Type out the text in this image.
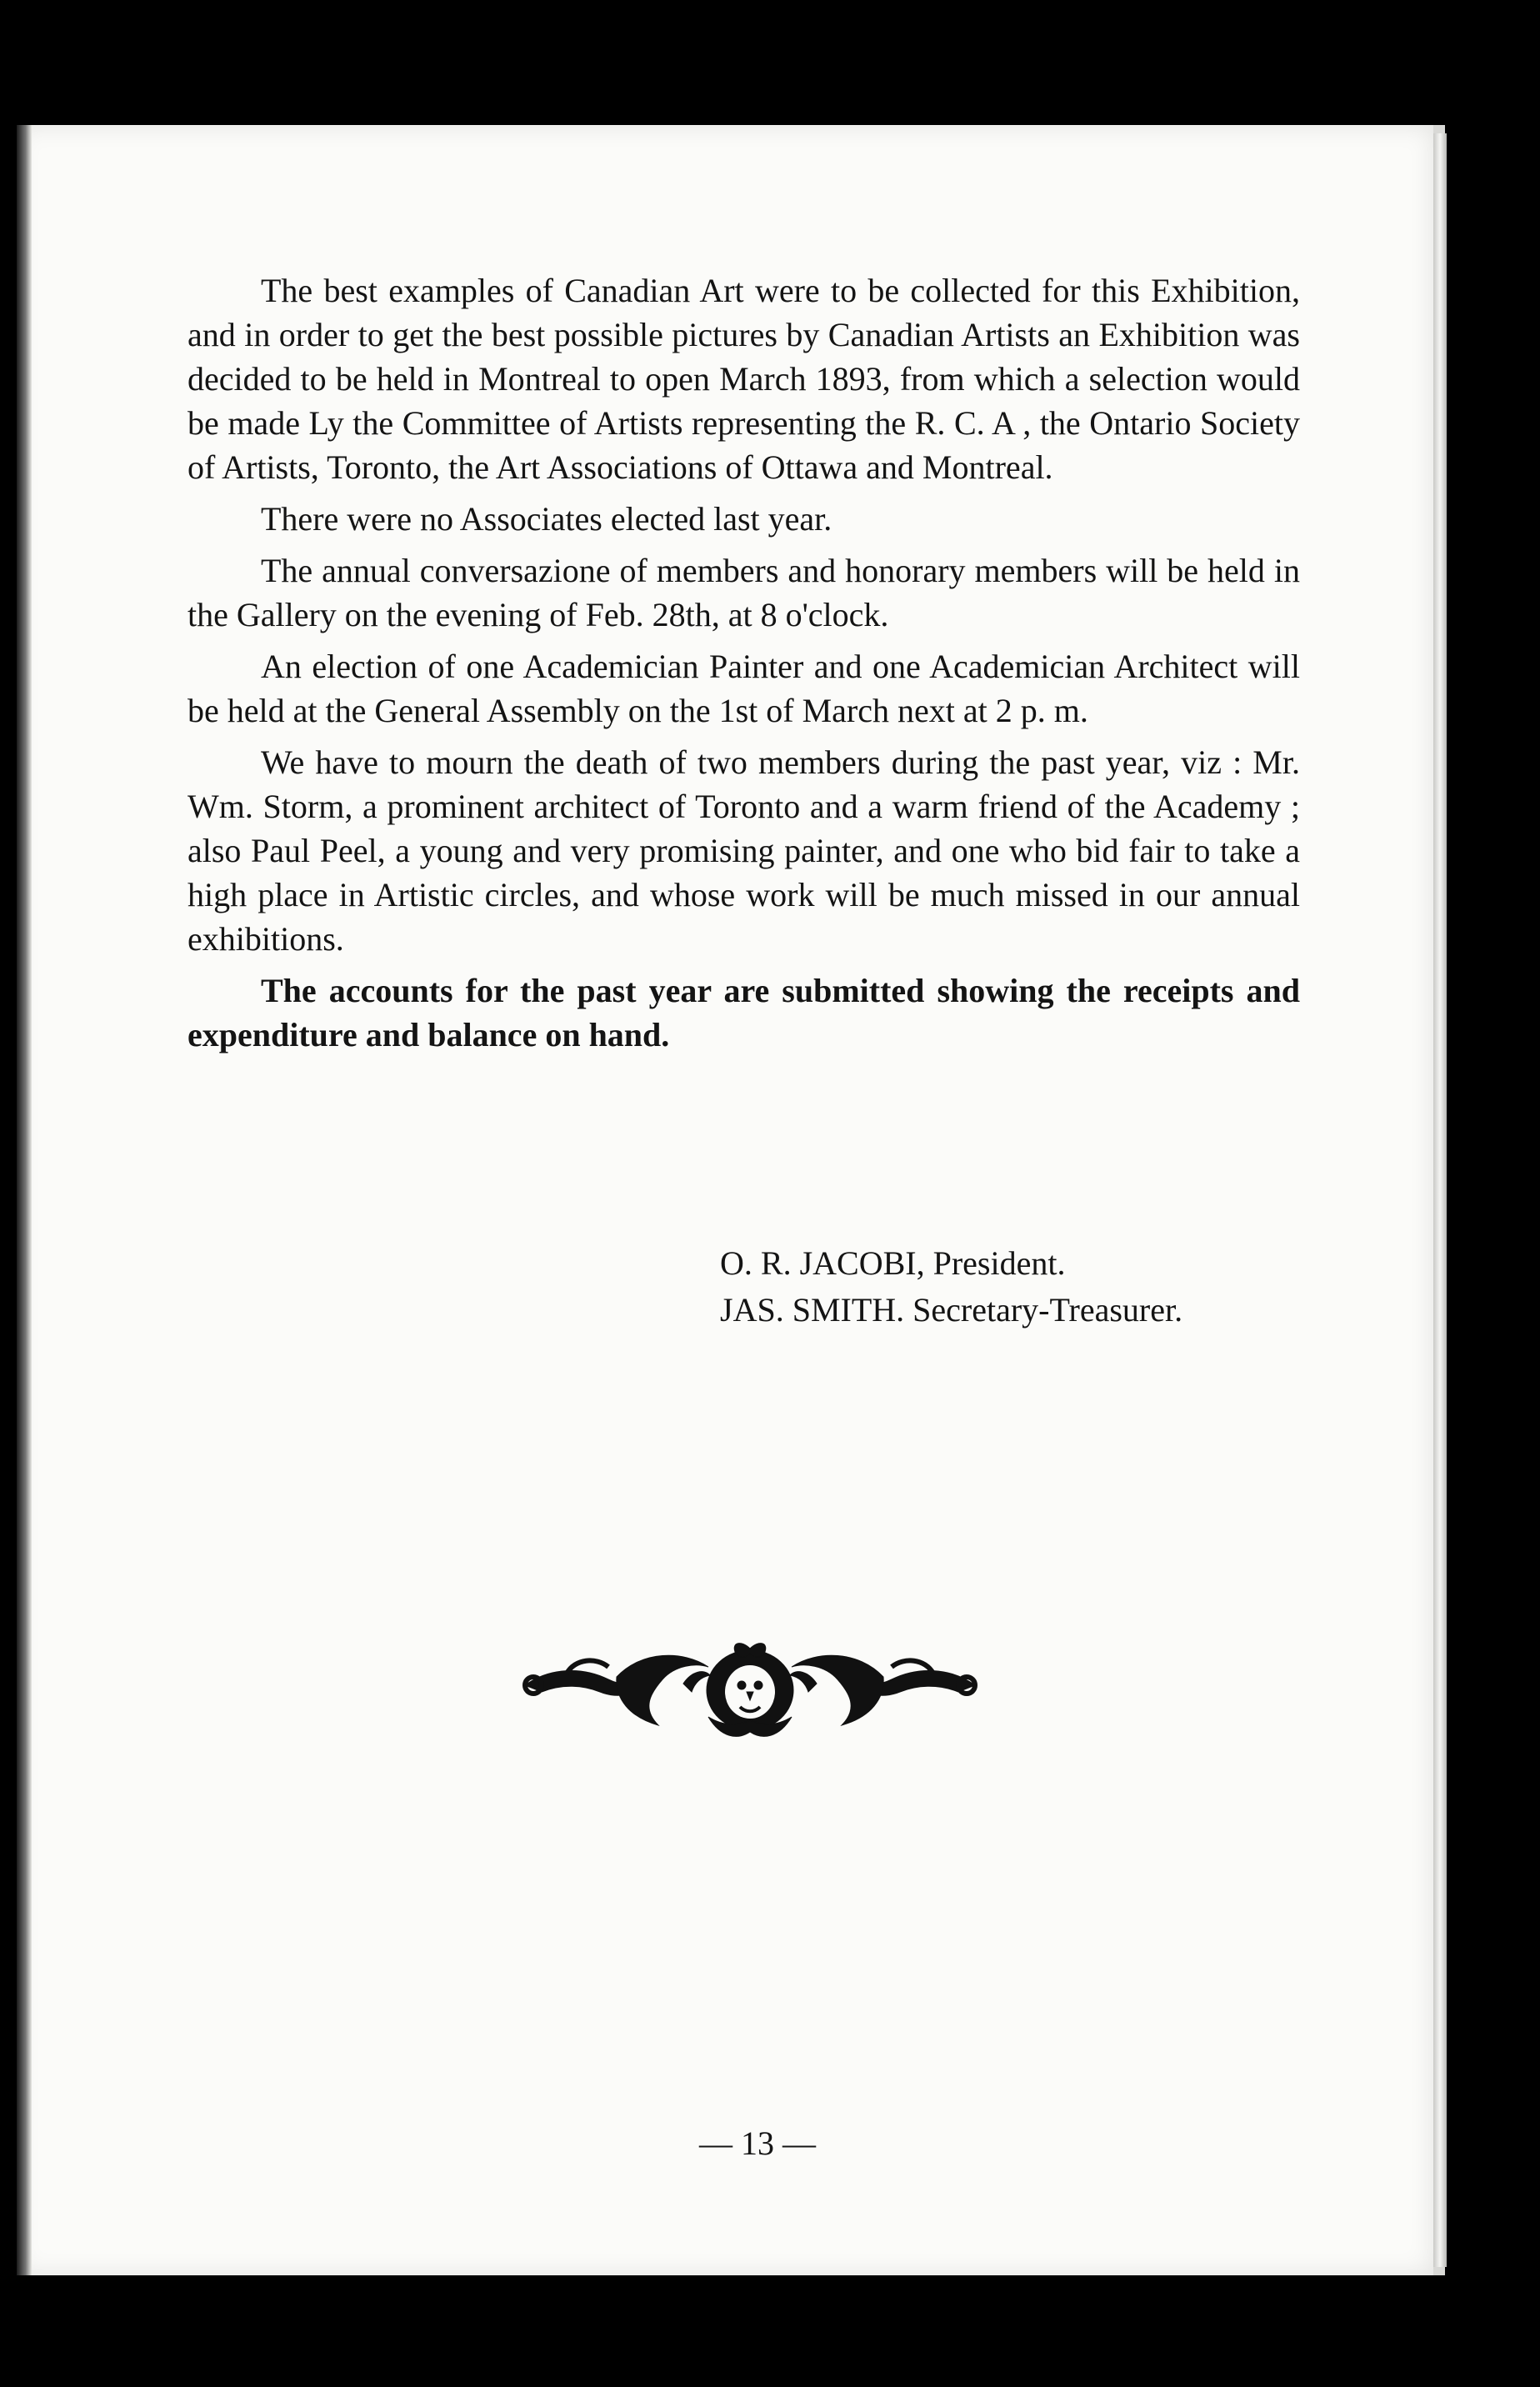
The best examples of Canadian Art were to be collected for this Exhibition, and in order to get the best possible pictures by Canadian Artists an Exhibition was decided to be held in Montreal to open March 1893, from which a selection would be made Ly the Committee of Artists representing the R. C. A , the Ontario Society of Artists, Toronto, the Art Associations of Ottawa and Montreal.

There were no Associates elected last year.

The annual conversazione of members and honorary members will be held in the Gallery on the evening of Feb. 28th, at 8 o'clock.

An election of one Academician Painter and one Academician Architect will be held at the General Assembly on the 1st of March next at 2 p. m.

We have to mourn the death of two members during the past year, viz : Mr. Wm. Storm, a prominent architect of Toronto and a warm friend of the Academy ; also Paul Peel, a young and very promising painter, and one who bid fair to take a high place in Artistic circles, and whose work will be much missed in our annual exhibitions.

The accounts for the past year are submitted showing the receipts and expenditure and balance on hand.

O. R. JACOBI, President.
JAS. SMITH. Secretary-Treasurer.
— 13 —
